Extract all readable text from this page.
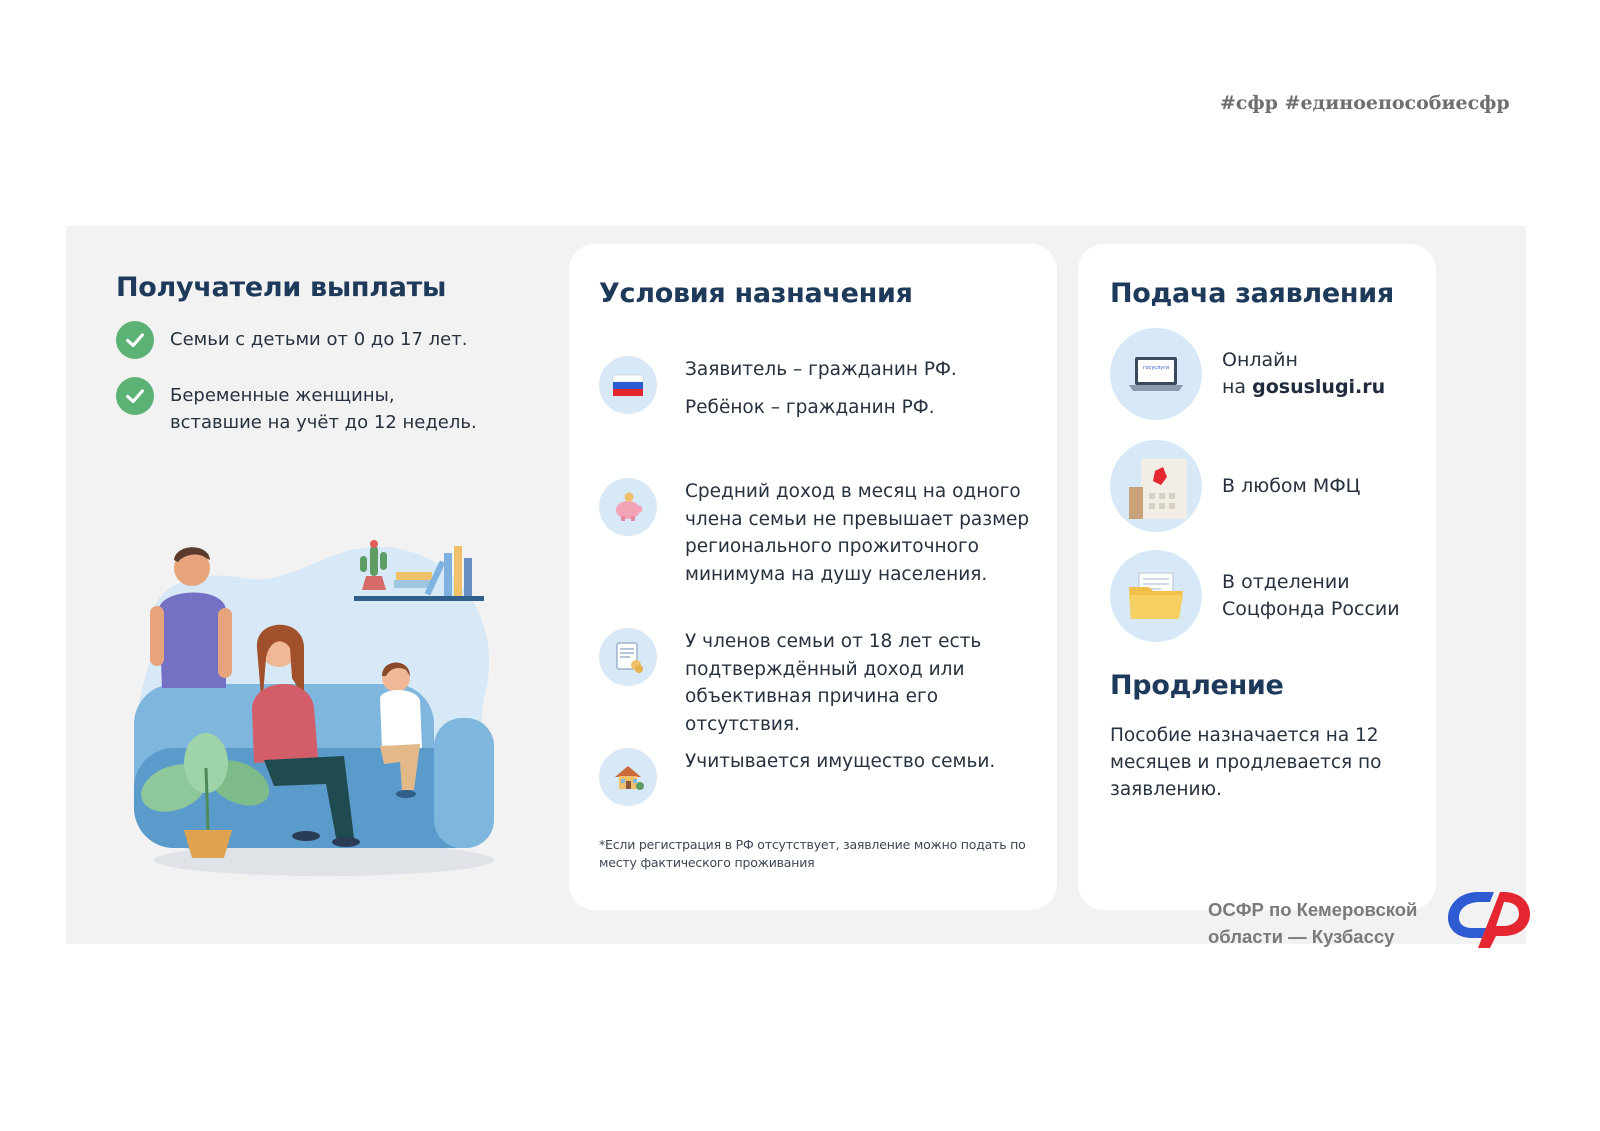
#сфр #единоепособиесфр
Получатели выплаты
Семьи с детьми от 0 до 17 лет.
Беременные женщины,
вставшие на учёт до 12 недель.
Условия назначения

Заявитель – гражданин РФ.

Ребёнок – гражданин РФ.

Средний доход в месяц на одного члена семьи не превышает размер регионального прожиточного минимума на душу населения.

У членов семьи от 18 лет есть подтверждённый доход или объективная причина его отсутствия.

Учитывается имущество семьи.

*Если регистрация в РФ отсутствует, заявление можно подать по месту фактического проживания
Подача заявления
госуслуги	Онлайн
на gosuslugi.ru
В любом МФЦ
В отделении Соцфонда России
Продление
Пособие назначается на 12 месяцев и продлевается по заявлению.
ОСФР по Кемеровской области — Кузбассу
